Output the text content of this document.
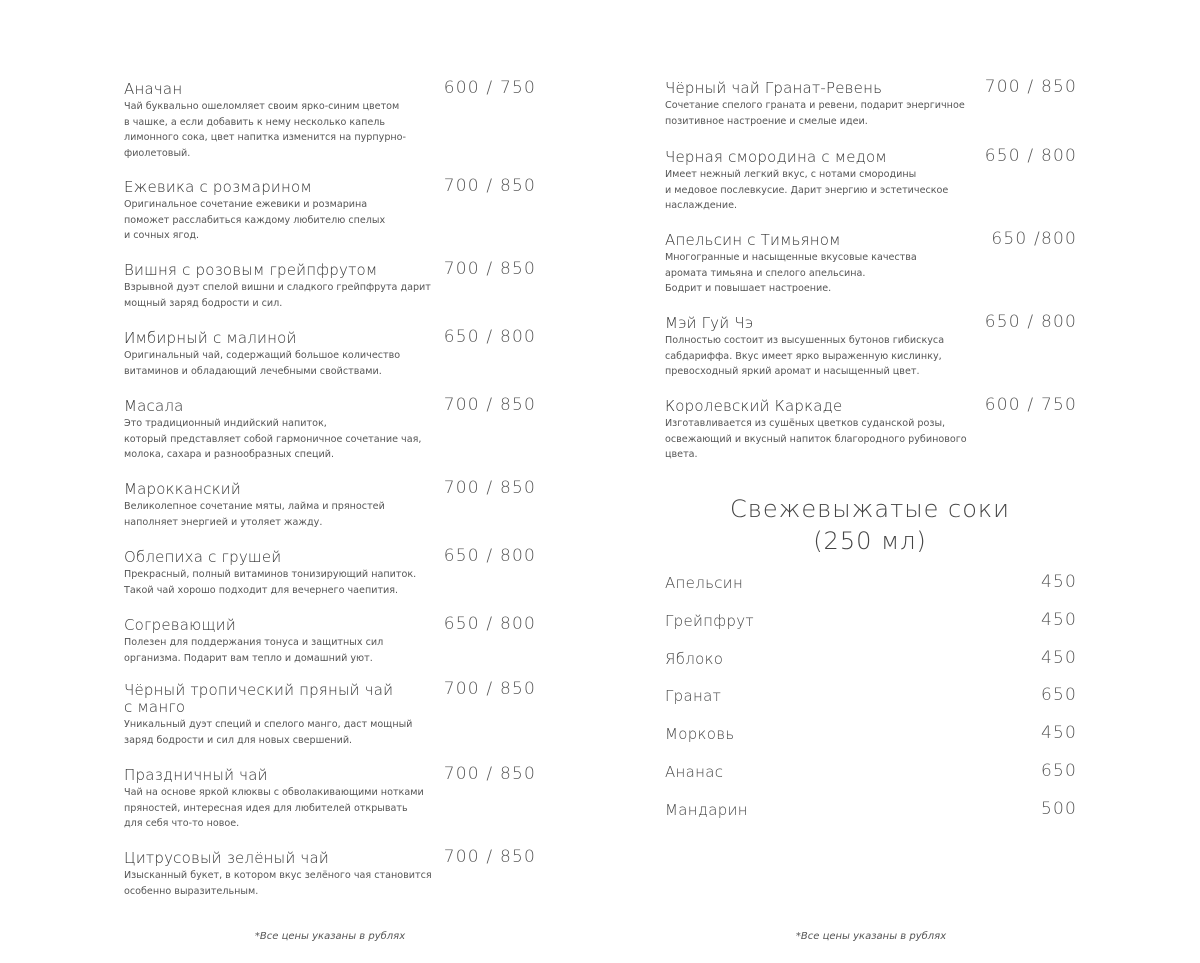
Аначан	600 / 750
Чай буквально ошеломляет своим ярко-синим цветом
в чашке, а если добавить к нему несколько капель
лимонного сока, цвет напитка изменится на пурпурно-
фиолетовый.
Ежевика с розмарином	700 / 850
Оригинальное сочетание ежевики и розмарина
поможет расслабиться каждому любителю спелых
и сочных ягод.
Вишня с розовым грейпфрутом	700 / 850
Взрывной дуэт спелой вишни и сладкого грейпфрута дарит
мощный заряд бодрости и сил.
Имбирный с малиной	650 / 800
Оригинальный чай, содержащий большое количество
витаминов и обладающий лечебными свойствами.
Масала	700 / 850
Это традиционный индийский напиток,
который представляет собой гармоничное сочетание чая,
молока, сахара и разнообразных специй.
Марокканский	700 / 850
Великолепное сочетание мяты, лайма и пряностей
наполняет энергией и утоляет жажду.
Облепиха с грушей	650 / 800
Прекрасный, полный витаминов тонизирующий напиток.
Такой чай хорошо подходит для вечернего чаепития.
Согревающий	650 / 800
Полезен для поддержания тонуса и защитных сил
организма. Подарит вам тепло и домашний уют.
Чёрный тропический пряный чай
с манго
700 / 850
Уникальный дуэт специй и спелого манго, даст мощный
заряд бодрости и сил для новых свершений.
Праздничный чай	700 / 850
Чай на основе яркой клюквы с обволакивающими нотками
пряностей, интересная идея для любителей открывать
для себя что-то новое.
Цитрусовый зелёный чай	700 / 850
Изысканный букет, в котором вкус зелёного чая становится
особенно выразительным.
*Все цены указаны в рублях
Чёрный чай Гранат-Ревень	700 / 850
Сочетание спелого граната и ревени, подарит энергичное
позитивное настроение и смелые идеи.
Черная смородина с медом	650 / 800
Имеет нежный легкий вкус, с нотами смородины
и медовое послевкусие. Дарит энергию и эстетическое
наслаждение.
Апельсин с Тимьяном	650 /800
Многогранные и насыщенные вкусовые качества
аромата тимьяна и спелого апельсина.
Бодрит и повышает настроение.
Мэй Гуй Чэ	650 / 800
Полностью состоит из высушенных бутонов гибискуса
сабдариффа. Вкус имеет ярко выраженную кислинку,
превосходный яркий аромат и насыщенный цвет.
Королевский Каркаде	600 / 750
Изготавливается из сушёных цветков суданской розы,
освежающий и вкусный напиток благородного рубинового
цвета.
Свежевыжатые соки
(250 мл)
Апельсин	450
Грейпфрут	450
Яблоко	450
Гранат	650
Морковь	450
Ананас	650
Мандарин	500
*Все цены указаны в рублях
